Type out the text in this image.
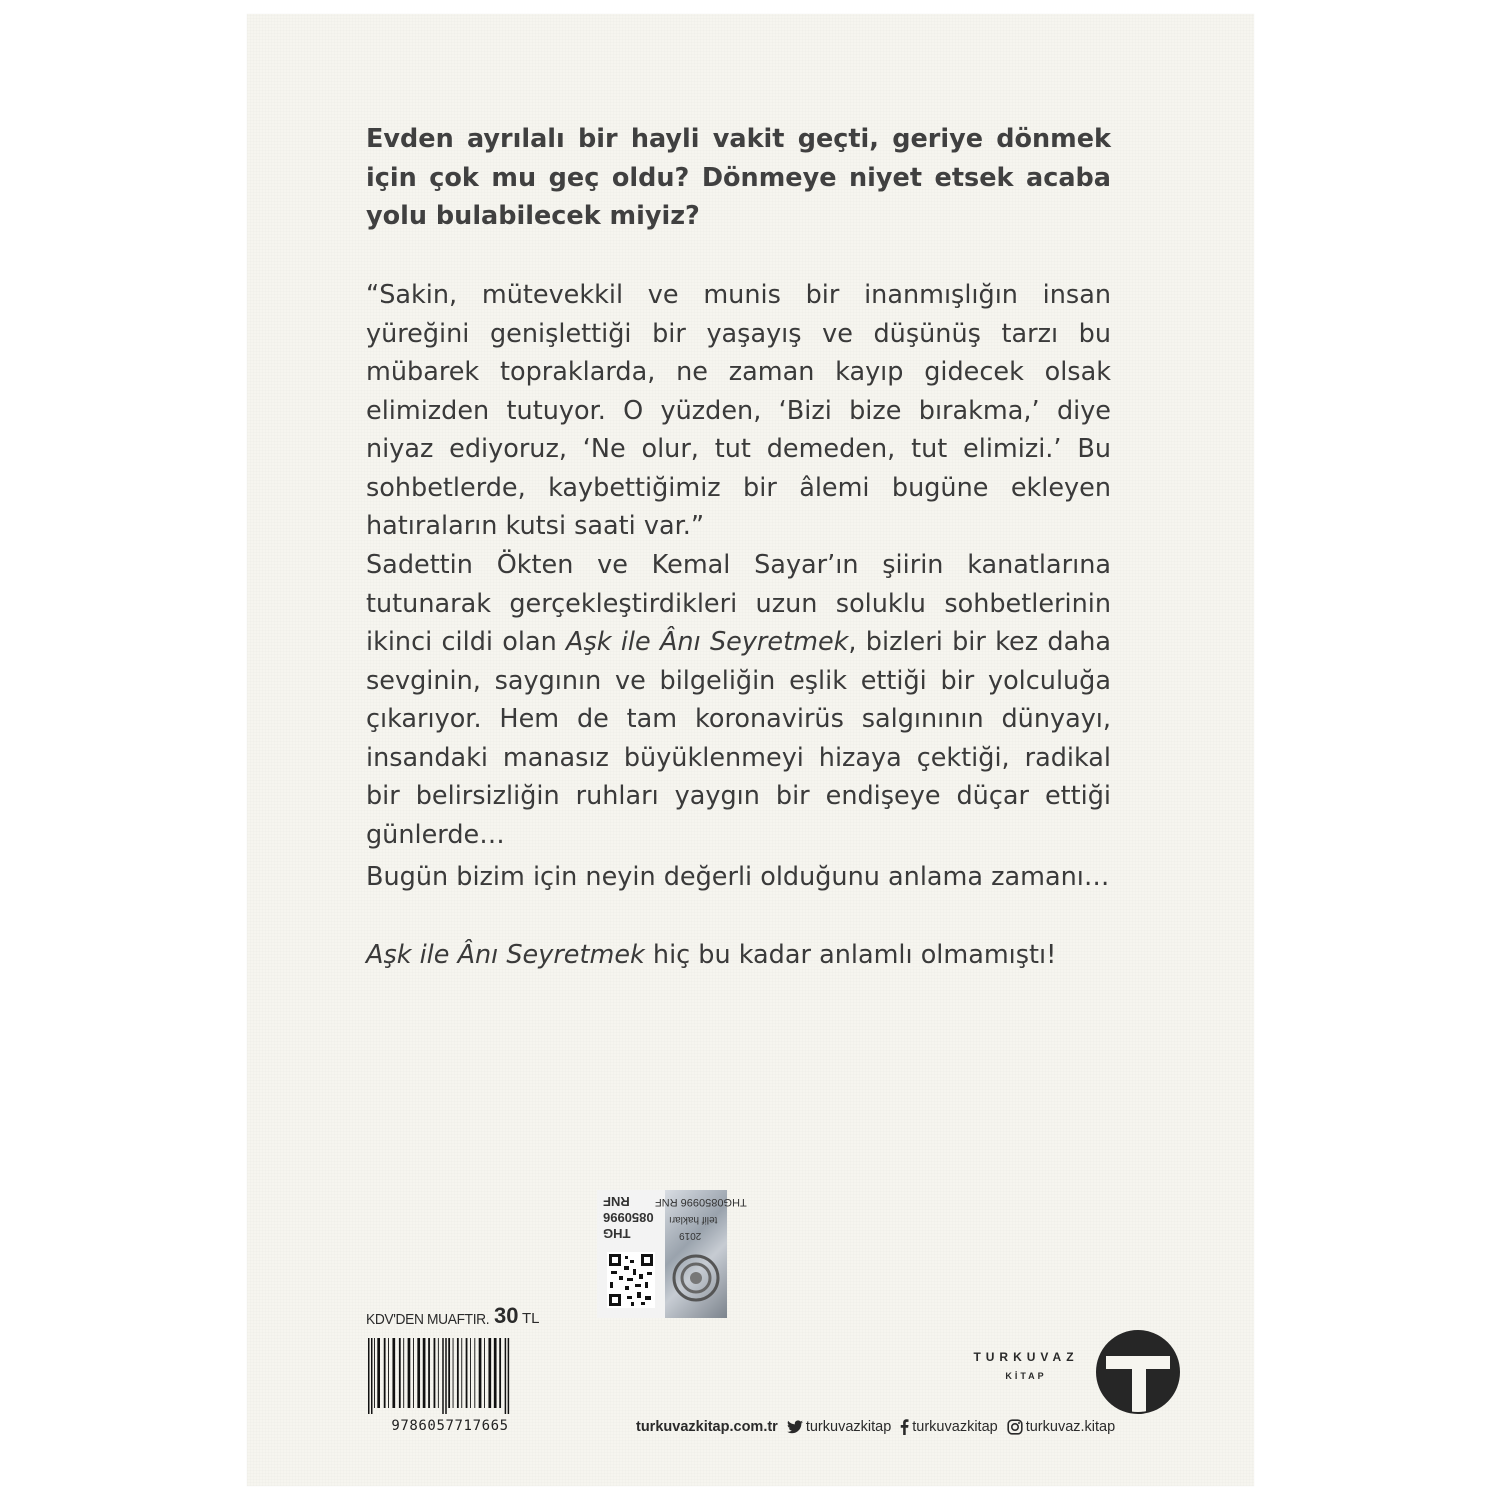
Evden ayrılalı bir hayli vakit geçti, geriye dönmek için çok mu geç oldu? Dönmeye niyet etsek acaba yolu bulabilecek miyiz?
“Sakin, mütevekkil ve munis bir inanmışlığın insan yüreğini genişlettiği bir yaşayış ve düşünüş tarzı bu mübarek topraklarda, ne zaman kayıp gidecek olsak elimizden tutuyor. O yüzden, ‘Bizi bize bırakma,’ diye niyaz ediyoruz, ‘Ne olur, tut demeden, tut elimizi.’ Bu sohbetlerde, kaybettiğimiz bir âlemi bugüne ekleyen hatıraların kutsi saati var.”
Sadettin Ökten ve Kemal Sayar’ın şiirin kanatlarına tutunarak gerçekleştirdikleri uzun soluklu sohbetlerinin ikinci cildi olan Aşk ile Ânı Seyretmek, bizleri bir kez daha sevginin, saygının ve bilgeliğin eşlik ettiği bir yolculuğa çıkarıyor. Hem de tam koronavirüs salgınının dünyayı, insandaki manasız büyüklenmeyi hizaya çektiği, radikal bir belirsizliğin ruhları yaygın bir endişeye düçar ettiği günlerde…
Bugün bizim için neyin değerli olduğunu anlama zamanı…
Aşk ile Ânı Seyretmek hiç bu kadar anlamlı olmamıştı!
RNF
0850996
THG
THG0850996 RNF
telif hakları
2019
KDV'DEN MUAFTIR. 30 TL
9786057717665
TURKUVAZ
KİTAP
turkuvazkitap.com.tr turkuvazkitap turkuvazkitap turkuvaz.kitap
